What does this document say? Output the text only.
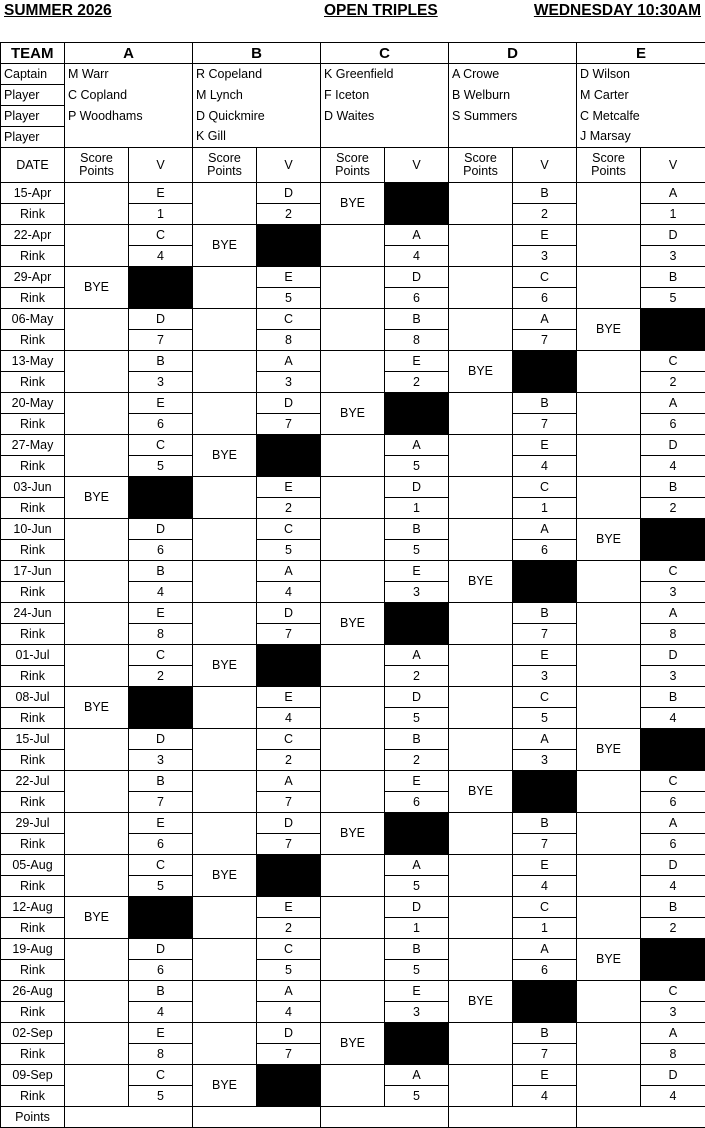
SUMMER 2026	OPEN TRIPLES	WEDNESDAY 10:30AM
TEAM	A		B		C		D		E	
Captain	M Warr		R Copeland		K Greenfield		A Crowe		D Wilson	
Player	C Copland		M Lynch		F Iceton		B Welburn		M Carter	
Player	P Woodhams		D Quickmire		D Waites		S Summers		C Metcalfe	
Player			K Gill						J Marsay	
DATE	Score Points	V	Score Points	V	Score Points	V	Score Points	V	Score Points	V
15-Apr		E		D	BYE			B		A
Rink		1		2				2		1
22-Apr		C	BYE			A		E		D
Rink		4				4		3		3
29-Apr	BYE			E		D		C		B
Rink				5		6		6		5
06-May		D		C		B		A	BYE	
Rink		7		8		8		7		
13-May		B		A		E	BYE			C
Rink		3		3		2				2
20-May		E		D	BYE			B		A
Rink		6		7				7		6
27-May		C	BYE			A		E		D
Rink		5				5		4		4
03-Jun	BYE			E		D		C		B
Rink				2		1		1		2
10-Jun		D		C		B		A	BYE	
Rink		6		5		5		6		
17-Jun		B		A		E	BYE			C
Rink		4		4		3				3
24-Jun		E		D	BYE			B		A
Rink		8		7				7		8
01-Jul		C	BYE			A		E		D
Rink		2				2		3		3
08-Jul	BYE			E		D		C		B
Rink				4		5		5		4
15-Jul		D		C		B		A	BYE	
Rink		3		2		2		3		
22-Jul		B		A		E	BYE			C
Rink		7		7		6				6
29-Jul		E		D	BYE			B		A
Rink		6		7				7		6
05-Aug		C	BYE			A		E		D
Rink		5				5		4		4
12-Aug	BYE			E		D		C		B
Rink				2		1		1		2
19-Aug		D		C		B		A	BYE	
Rink		6		5		5		6		
26-Aug		B		A		E	BYE			C
Rink		4		4		3				3
02-Sep		E		D	BYE			B		A
Rink		8		7				7		8
09-Sep		C	BYE			A		E		D
Rink		5				5		4		4
Points										
